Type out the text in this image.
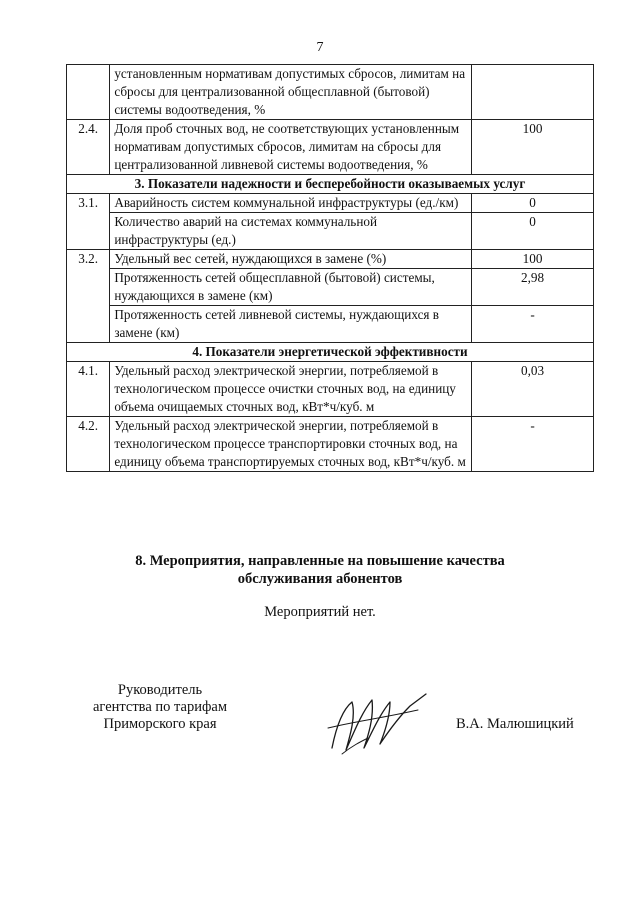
7
	установленным нормативам допустимых сбросов, лимитам на сбросы для централизованной общесплавной (бытовой) системы водоотведения, %	
2.4.	Доля проб сточных вод, не соответствующих установленным нормативам допустимых сбросов, лимитам на сбросы для централизованной ливневой системы водоотведения, %	100
3. Показатели надежности и бесперебойности оказываемых услуг		
3.1.	Аварийность систем коммунальной инфраструктуры (ед./км)	0
	Количество аварий на системах коммунальной инфраструктуры (ед.)	0
3.2.	Удельный вес сетей, нуждающихся в замене (%)	100
	Протяженность сетей общесплавной (бытовой) системы, нуждающихся в замене (км)	2,98
	Протяженность сетей ливневой системы, нуждающихся в замене (км)	-
4. Показатели энергетической эффективности		
4.1.	Удельный расход электрической энергии, потребляемой в технологическом процессе очистки сточных вод, на единицу объема очищаемых сточных вод, кВт*ч/куб. м	0,03
4.2.	Удельный расход электрической энергии, потребляемой в технологическом процессе транспортировки сточных вод, на единицу объема транспортируемых сточных вод, кВт*ч/куб. м	-
8. Мероприятия, направленные на повышение качества
обслуживания абонентов
Мероприятий нет.
Руководитель
агентства по тарифам
Приморского края	В.А. Малюшицкий
